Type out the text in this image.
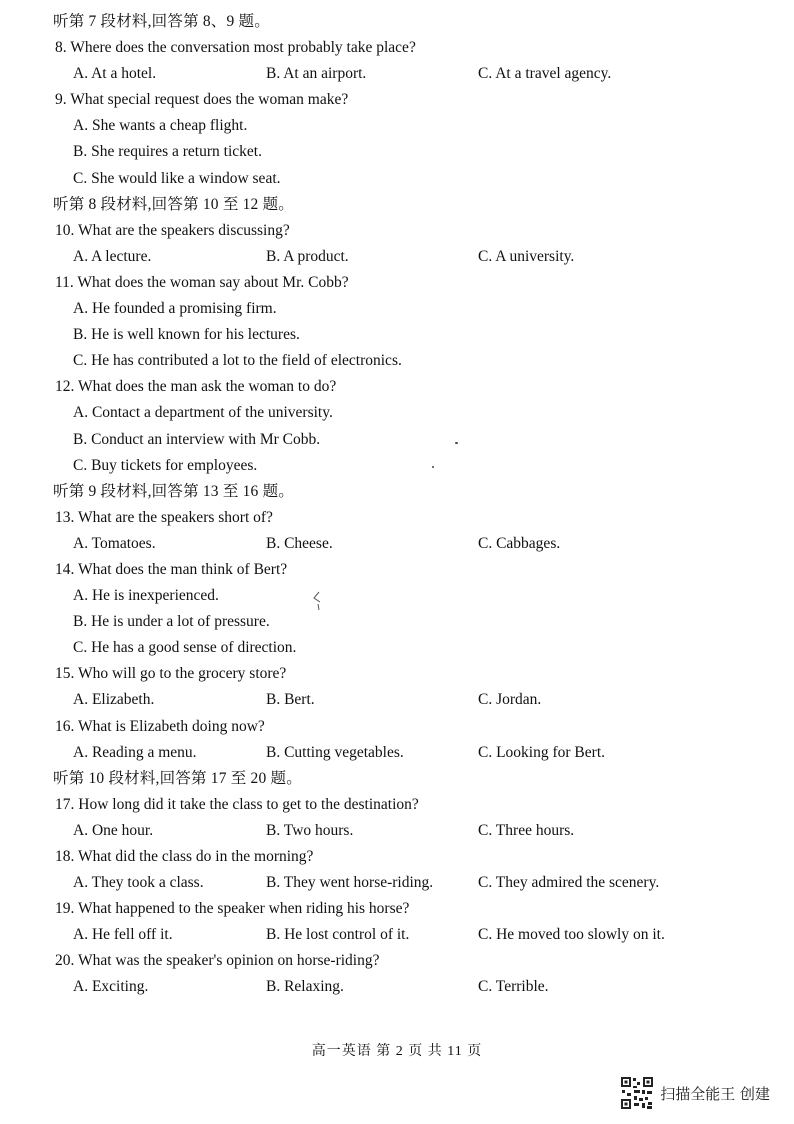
听第 7 段材料,回答第 8、9 题。
8. Where does the conversation most probably take place?
A. At a hotel.	B. At an airport.	C. At a travel agency.
9. What special request does the woman make?
A. She wants a cheap flight.
B. She requires a return ticket.
C. She would like a window seat.
听第 8 段材料,回答第 10 至 12 题。
10. What are the speakers discussing?
A. A lecture.	B. A product.	C. A university.
11. What does the woman say about Mr. Cobb?
A. He founded a promising firm.
B. He is well known for his lectures.
C. He has contributed a lot to the field of electronics.
12. What does the man ask the woman to do?
A. Contact a department of the university.
B. Conduct an interview with Mr Cobb.
C. Buy tickets for employees.
听第 9 段材料,回答第 13 至 16 题。
13. What are the speakers short of?
A. Tomatoes.	B. Cheese.	C. Cabbages.
14. What does the man think of Bert?
A. He is inexperienced.
B. He is under a lot of pressure.
C. He has a good sense of direction.
15. Who will go to the grocery store?
A. Elizabeth.	B. Bert.	C. Jordan.
16. What is Elizabeth doing now?
A. Reading a menu.	B. Cutting vegetables.	C. Looking for Bert.
听第 10 段材料,回答第 17 至 20 题。
17. How long did it take the class to get to the destination?
A. One hour.	B. Two hours.	C. Three hours.
18. What did the class do in the morning?
A. They took a class.	B. They went horse-riding.	C. They admired the scenery.
19. What happened to the speaker when riding his horse?
A. He fell off it.	B. He lost control of it.	C. He moved too slowly on it.
20. What was the speaker's opinion on horse-riding?
A. Exciting.	B. Relaxing.	C. Terrible.
高一英语 第 2 页 共 11 页
扫描全能王 创建
